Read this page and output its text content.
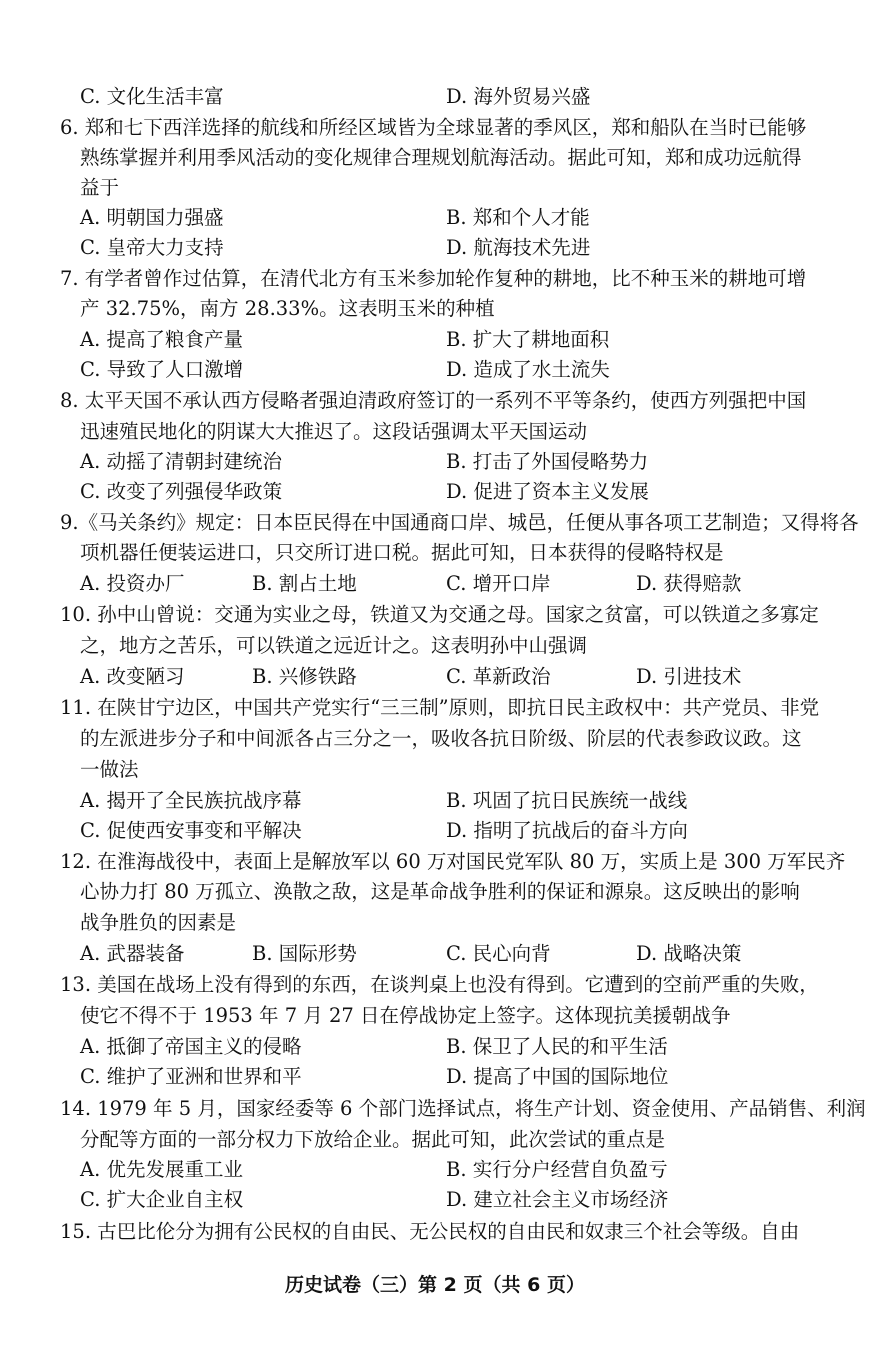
C. 文化生活丰富	D. 海外贸易兴盛
6. 郑和七下西洋选择的航线和所经区域皆为全球显著的季风区，郑和船队在当时已能够
熟练掌握并利用季风活动的变化规律合理规划航海活动。据此可知，郑和成功远航得
益于
A. 明朝国力强盛	B. 郑和个人才能
C. 皇帝大力支持	D. 航海技术先进
7. 有学者曾作过估算，在清代北方有玉米参加轮作复种的耕地，比不种玉米的耕地可增
产 32.75%，南方 28.33%。这表明玉米的种植
A. 提高了粮食产量	B. 扩大了耕地面积
C. 导致了人口激增	D. 造成了水土流失
8. 太平天国不承认西方侵略者强迫清政府签订的一系列不平等条约，使西方列强把中国
迅速殖民地化的阴谋大大推迟了。这段话强调太平天国运动
A. 动摇了清朝封建统治	B. 打击了外国侵略势力
C. 改变了列强侵华政策	D. 促进了资本主义发展
9.《马关条约》规定：日本臣民得在中国通商口岸、城邑，任便从事各项工艺制造；又得将各
项机器任便装运进口，只交所订进口税。据此可知，日本获得的侵略特权是
A. 投资办厂	B. 割占土地	C. 增开口岸	D. 获得赔款
10. 孙中山曾说：交通为实业之母，铁道又为交通之母。国家之贫富，可以铁道之多寡定
之，地方之苦乐，可以铁道之远近计之。这表明孙中山强调
A. 改变陋习	B. 兴修铁路	C. 革新政治	D. 引进技术
11. 在陕甘宁边区，中国共产党实行“三三制”原则，即抗日民主政权中：共产党员、非党
的左派进步分子和中间派各占三分之一，吸收各抗日阶级、阶层的代表参政议政。这
一做法
A. 揭开了全民族抗战序幕	B. 巩固了抗日民族统一战线
C. 促使西安事变和平解决	D. 指明了抗战后的奋斗方向
12. 在淮海战役中，表面上是解放军以 60 万对国民党军队 80 万，实质上是 300 万军民齐
心协力打 80 万孤立、涣散之敌，这是革命战争胜利的保证和源泉。这反映出的影响
战争胜负的因素是
A. 武器装备	B. 国际形势	C. 民心向背	D. 战略决策
13. 美国在战场上没有得到的东西，在谈判桌上也没有得到。它遭到的空前严重的失败，
使它不得不于 1953 年 7 月 27 日在停战协定上签字。这体现抗美援朝战争
A. 抵御了帝国主义的侵略	B. 保卫了人民的和平生活
C. 维护了亚洲和世界和平	D. 提高了中国的国际地位
14. 1979 年 5 月，国家经委等 6 个部门选择试点，将生产计划、资金使用、产品销售、利润
分配等方面的一部分权力下放给企业。据此可知，此次尝试的重点是
A. 优先发展重工业	B. 实行分户经营自负盈亏
C. 扩大企业自主权	D. 建立社会主义市场经济
15. 古巴比伦分为拥有公民权的自由民、无公民权的自由民和奴隶三个社会等级。自由
历史试卷（三）第 2 页（共 6 页）
